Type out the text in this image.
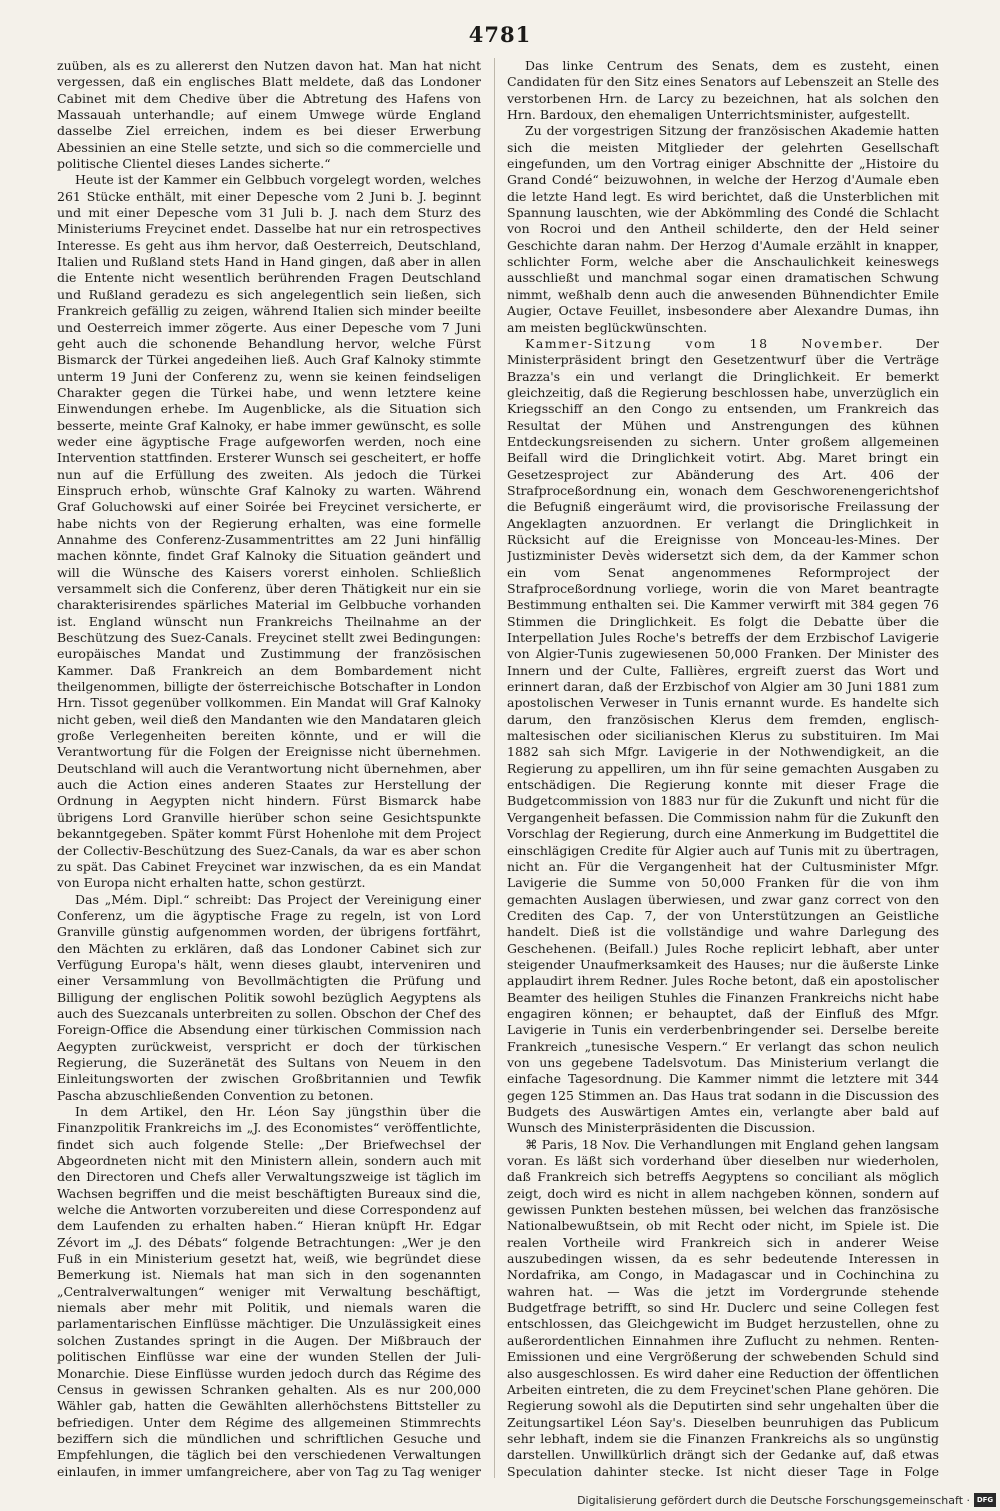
4781

zuüben, als es zu allererst den Nutzen davon hat. Man hat nicht vergessen, daß ein englisches Blatt meldete, daß das Londoner Cabinet mit dem Chedive über die Abtretung des Hafens von Massauah unterhandle; auf einem Umwege würde England dasselbe Ziel erreichen, indem es bei dieser Erwerbung Abessinien an eine Stelle setzte, und sich so die commercielle und politische Clientel dieses Landes sicherte.“

Heute ist der Kammer ein Gelbbuch vorgelegt worden, welches 261 Stücke enthält, mit einer Depesche vom 2 Juni b. J. beginnt und mit einer Depesche vom 31 Juli b. J. nach dem Sturz des Ministeriums Freycinet endet. Dasselbe hat nur ein retrospectives Interesse. Es geht aus ihm hervor, daß Oesterreich, Deutschland, Italien und Rußland stets Hand in Hand gingen, daß aber in allen die Entente nicht wesentlich berührenden Fragen Deutschland und Rußland geradezu es sich angelegentlich sein ließen, sich Frankreich gefällig zu zeigen, während Italien sich minder beeilte und Oesterreich immer zögerte. Aus einer Depesche vom 7 Juni geht auch die schonende Behandlung hervor, welche Fürst Bismarck der Türkei angedeihen ließ. Auch Graf Kalnoky stimmte unterm 19 Juni der Conferenz zu, wenn sie keinen feindseligen Charakter gegen die Türkei habe, und wenn letztere keine Einwendungen erhebe. Im Augenblicke, als die Situation sich besserte, meinte Graf Kalnoky, er habe immer gewünscht, es solle weder eine ägyptische Frage aufgeworfen werden, noch eine Intervention stattfinden. Ersterer Wunsch sei gescheitert, er hoffe nun auf die Erfüllung des zweiten. Als jedoch die Türkei Einspruch erhob, wünschte Graf Kalnoky zu warten. Während Graf Goluchowski auf einer Soirée bei Freycinet versicherte, er habe nichts von der Regierung erhalten, was eine formelle Annahme des Conferenz-Zusammentrittes am 22 Juni hinfällig machen könnte, findet Graf Kalnoky die Situation geändert und will die Wünsche des Kaisers vorerst einholen. Schließlich versammelt sich die Conferenz, über deren Thätigkeit nur ein sie charakterisirendes spärliches Material im Gelbbuche vorhanden ist. England wünscht nun Frankreichs Theilnahme an der Beschützung des Suez-Canals. Freycinet stellt zwei Bedingungen: europäisches Mandat und Zustimmung der französischen Kammer. Daß Frankreich an dem Bombardement nicht theilgenommen, billigte der österreichische Botschafter in London Hrn. Tissot gegenüber vollkommen. Ein Mandat will Graf Kalnoky nicht geben, weil dieß den Mandanten wie den Mandataren gleich große Verlegenheiten bereiten könnte, und er will die Verantwortung für die Folgen der Ereignisse nicht übernehmen. Deutschland will auch die Verantwortung nicht übernehmen, aber auch die Action eines anderen Staates zur Herstellung der Ordnung in Aegypten nicht hindern. Fürst Bismarck habe übrigens Lord Granville hierüber schon seine Gesichtspunkte bekanntgegeben. Später kommt Fürst Hohenlohe mit dem Project der Collectiv-Beschützung des Suez-Canals, da war es aber schon zu spät. Das Cabinet Freycinet war inzwischen, da es ein Mandat von Europa nicht erhalten hatte, schon gestürzt.

Das „Mém. Dipl.“ schreibt: Das Project der Vereinigung einer Conferenz, um die ägyptische Frage zu regeln, ist von Lord Granville günstig aufgenommen worden, der übrigens fortfährt, den Mächten zu erklären, daß das Londoner Cabinet sich zur Verfügung Europa's hält, wenn dieses glaubt, interveniren und einer Versammlung von Bevollmächtigten die Prüfung und Billigung der englischen Politik sowohl bezüglich Aegyptens als auch des Suezcanals unterbreiten zu sollen. Obschon der Chef des Foreign-Office die Absendung einer türkischen Commission nach Aegypten zurückweist, verspricht er doch der türkischen Regierung, die Suzeränetät des Sultans von Neuem in den Einleitungsworten der zwischen Großbritannien und Tewfik Pascha abzuschließenden Convention zu betonen.

In dem Artikel, den Hr. Léon Say jüngsthin über die Finanzpolitik Frankreichs im „J. des Economistes“ veröffentlichte, findet sich auch folgende Stelle: „Der Briefwechsel der Abgeordneten nicht mit den Ministern allein, sondern auch mit den Directoren und Chefs aller Verwaltungszweige ist täglich im Wachsen begriffen und die meist beschäftigten Bureaux sind die, welche die Antworten vorzubereiten und diese Correspondenz auf dem Laufenden zu erhalten haben.“ Hieran knüpft Hr. Edgar Zévort im „J. des Débats“ folgende Betrachtungen: „Wer je den Fuß in ein Ministerium gesetzt hat, weiß, wie begründet diese Bemerkung ist. Niemals hat man sich in den sogenannten „Centralverwaltungen“ weniger mit Verwaltung beschäftigt, niemals aber mehr mit Politik, und niemals waren die parlamentarischen Einflüsse mächtiger. Die Unzulässigkeit eines solchen Zustandes springt in die Augen. Der Mißbrauch der politischen Einflüsse war eine der wunden Stellen der Juli-Monarchie. Diese Einflüsse wurden jedoch durch das Régime des Census in gewissen Schranken gehalten. Als es nur 200,000 Wähler gab, hatten die Gewählten allerhöchstens Bittsteller zu befriedigen. Unter dem Régime des allgemeinen Stimmrechts beziffern sich die mündlichen und schriftlichen Gesuche und Empfehlungen, die täglich bei den verschiedenen Verwaltungen einlaufen, in immer umfangreichere, aber von Tag zu Tag weniger

Das linke Centrum des Senats, dem es zusteht, einen Candidaten für den Sitz eines Senators auf Lebenszeit an Stelle des verstorbenen Hrn. de Larcy zu bezeichnen, hat als solchen den Hrn. Bardoux, den ehemaligen Unterrichtsminister, aufgestellt.

Zu der vorgestrigen Sitzung der französischen Akademie hatten sich die meisten Mitglieder der gelehrten Gesellschaft eingefunden, um den Vortrag einiger Abschnitte der „Histoire du Grand Condé“ beizuwohnen, in welche der Herzog d'Aumale eben die letzte Hand legt. Es wird berichtet, daß die Unsterblichen mit Spannung lauschten, wie der Abkömmling des Condé die Schlacht von Rocroi und den Antheil schilderte, den der Held seiner Geschichte daran nahm. Der Herzog d'Aumale erzählt in knapper, schlichter Form, welche aber die Anschaulichkeit keineswegs ausschließt und manchmal sogar einen dramatischen Schwung nimmt, weßhalb denn auch die anwesenden Bühnendichter Emile Augier, Octave Feuillet, insbesondere aber Alexandre Dumas, ihn am meisten beglückwünschten.

Kammer-Sitzung vom 18 November. Der Ministerpräsident bringt den Gesetzentwurf über die Verträge Brazza's ein und verlangt die Dringlichkeit. Er bemerkt gleichzeitig, daß die Regierung beschlossen habe, unverzüglich ein Kriegsschiff an den Congo zu entsenden, um Frankreich das Resultat der Mühen und Anstrengungen des kühnen Entdeckungsreisenden zu sichern. Unter großem allgemeinen Beifall wird die Dringlichkeit votirt. Abg. Maret bringt ein Gesetzesproject zur Abänderung des Art. 406 der Strafproceßordnung ein, wonach dem Geschworenengerichtshof die Befugniß eingeräumt wird, die provisorische Freilassung der Angeklagten anzuordnen. Er verlangt die Dringlichkeit in Rücksicht auf die Ereignisse von Monceau-les-Mines. Der Justizminister Devès widersetzt sich dem, da der Kammer schon ein vom Senat angenommenes Reformproject der Strafproceßordnung vorliege, worin die von Maret beantragte Bestimmung enthalten sei. Die Kammer verwirft mit 384 gegen 76 Stimmen die Dringlichkeit. Es folgt die Debatte über die Interpellation Jules Roche's betreffs der dem Erzbischof Lavigerie von Algier-Tunis zugewiesenen 50,000 Franken. Der Minister des Innern und der Culte, Fallières, ergreift zuerst das Wort und erinnert daran, daß der Erzbischof von Algier am 30 Juni 1881 zum apostolischen Verweser in Tunis ernannt wurde. Es handelte sich darum, den französischen Klerus dem fremden, englisch-maltesischen oder sicilianischen Klerus zu substituiren. Im Mai 1882 sah sich Mfgr. Lavigerie in der Nothwendigkeit, an die Regierung zu appelliren, um ihn für seine gemachten Ausgaben zu entschädigen. Die Regierung konnte mit dieser Frage die Budgetcommission von 1883 nur für die Zukunft und nicht für die Vergangenheit befassen. Die Commission nahm für die Zukunft den Vorschlag der Regierung, durch eine Anmerkung im Budgettitel die einschlägigen Credite für Algier auch auf Tunis mit zu übertragen, nicht an. Für die Vergangenheit hat der Cultusminister Mfgr. Lavigerie die Summe von 50,000 Franken für die von ihm gemachten Auslagen überwiesen, und zwar ganz correct von den Crediten des Cap. 7, der von Unterstützungen an Geistliche handelt. Dieß ist die vollständige und wahre Darlegung des Geschehenen. (Beifall.) Jules Roche replicirt lebhaft, aber unter steigender Unaufmerksamkeit des Hauses; nur die äußerste Linke applaudirt ihrem Redner. Jules Roche betont, daß ein apostolischer Beamter des heiligen Stuhles die Finanzen Frankreichs nicht habe engagiren können; er behauptet, daß der Einfluß des Mfgr. Lavigerie in Tunis ein verderbenbringender sei. Derselbe bereite Frankreich „tunesische Vespern.“ Er verlangt das schon neulich von uns gegebene Tadelsvotum. Das Ministerium verlangt die einfache Tagesordnung. Die Kammer nimmt die letztere mit 344 gegen 125 Stimmen an. Das Haus trat sodann in die Discussion des Budgets des Auswärtigen Amtes ein, verlangte aber bald auf Wunsch des Ministerpräsidenten die Discussion.

⌘ Paris, 18 Nov. Die Verhandlungen mit England gehen langsam voran. Es läßt sich vorderhand über dieselben nur wiederholen, daß Frankreich sich betreffs Aegyptens so conciliant als möglich zeigt, doch wird es nicht in allem nachgeben können, sondern auf gewissen Punkten bestehen müssen, bei welchen das französische Nationalbewußtsein, ob mit Recht oder nicht, im Spiele ist. Die realen Vortheile wird Frankreich sich in anderer Weise auszubedingen wissen, da es sehr bedeutende Interessen in Nordafrika, am Congo, in Madagascar und in Cochinchina zu wahren hat. — Was die jetzt im Vordergrunde stehende Budgetfrage betrifft, so sind Hr. Duclerc und seine Collegen fest entschlossen, das Gleichgewicht im Budget herzustellen, ohne zu außerordentlichen Einnahmen ihre Zuflucht zu nehmen. Renten-Emissionen und eine Vergrößerung der schwebenden Schuld sind also ausgeschlossen. Es wird daher eine Reduction der öffentlichen Arbeiten eintreten, die zu dem Freycinet'schen Plane gehören. Die Regierung sowohl als die Deputirten sind sehr ungehalten über die Zeitungsartikel Léon Say's. Dieselben beunruhigen das Publicum sehr lebhaft, indem sie die Finanzen Frankreichs als so ungünstig darstellen. Unwillkürlich drängt sich der Gedanke auf, daß etwas Speculation dahinter stecke. Ist nicht dieser Tage in Folge

Digitalisierung gefördert durch die Deutsche Forschungsgemeinschaft · DFG
